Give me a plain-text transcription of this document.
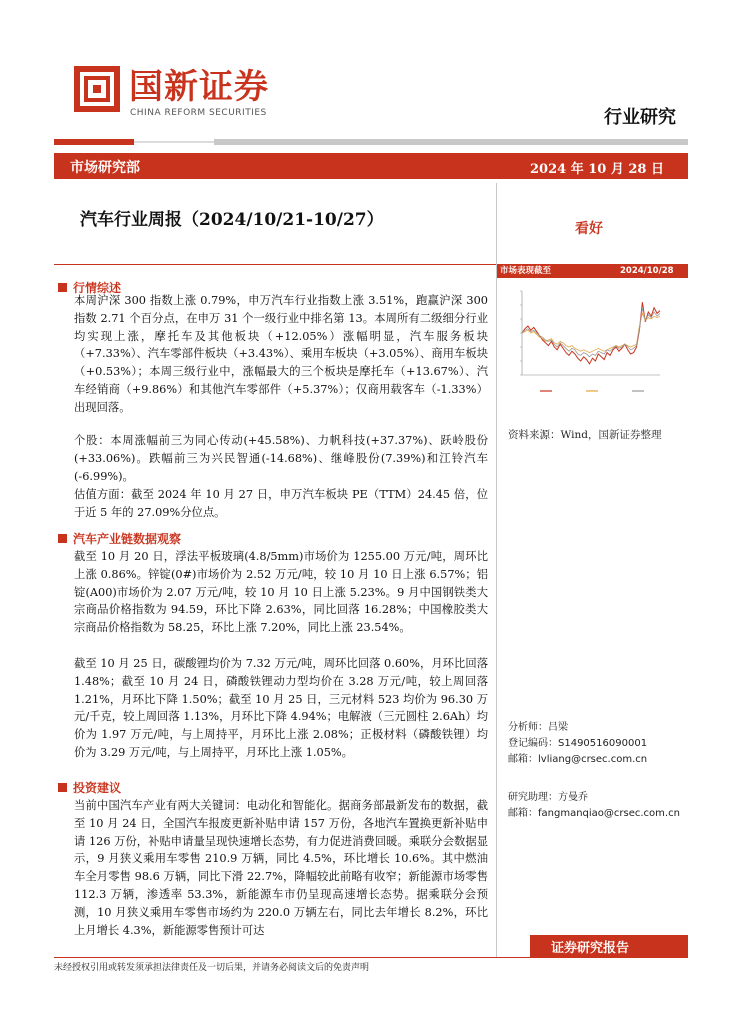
国新证券
CHINA REFORM SECURITIES	行业研究
市场研究部	2024 年 10 月 28 日
汽车行业周报（2024/10/21-10/27）	看好
行情综述
本周沪深 300 指数上涨 0.79%，申万汽车行业指数上涨 3.51%，跑赢沪深 300 指数 2.71 个百分点，在申万 31 个一级行业中排名第 13。本周所有二级细分行业均实现上涨，摩托车及其他板块（+12.05%）涨幅明显，汽车服务板块（+7.33%）、汽车零部件板块（+3.43%）、乘用车板块（+3.05%）、商用车板块（+0.53%）；本周三级行业中，涨幅最大的三个板块是摩托车（+13.67%）、汽车经销商（+9.86%）和其他汽车零部件（+5.37%）；仅商用载客车（-1.33%）出现回落。
个股：本周涨幅前三为同心传动(+45.58%)、力帆科技(+37.37%)、跃岭股份(+33.06%)。跌幅前三为兴民智通(-14.68%)、继峰股份(7.39%)和江铃汽车(-6.99%)。
估值方面：截至 2024 年 10 月 27 日，申万汽车板块 PE（TTM）24.45 倍，位于近 5 年的 27.09%分位点。
汽车产业链数据观察
截至 10 月 20 日，浮法平板玻璃(4.8/5mm)市场价为 1255.00 万元/吨，周环比上涨 0.86%。锌锭(0#)市场价为 2.52 万元/吨，较 10 月 10 日上涨 6.57%；铝锭(A00)市场价为 2.07 万元/吨，较 10 月 10 日上涨 5.23%。9 月中国钢铁类大宗商品价格指数为 94.59，环比下降 2.63%，同比回落 16.28%；中国橡胶类大宗商品价格指数为 58.25，环比上涨 7.20%，同比上涨 23.54%。
截至 10 月 25 日，碳酸锂均价为 7.32 万元/吨，周环比回落 0.60%，月环比回落 1.48%；截至 10 月 24 日，磷酸铁锂动力型均价在 3.28 万元/吨，较上周回落 1.21%，月环比下降 1.50%；截至 10 月 25 日，三元材料 523 均价为 96.30 万元/千克，较上周回落 1.13%，月环比下降 4.94%；电解液（三元圆柱 2.6Ah）均价为 1.97 万元/吨，与上周持平，月环比上涨 2.08%；正极材料（磷酸铁锂）均价为 3.29 万元/吨，与上周持平，月环比上涨 1.05%。
投资建议
当前中国汽车产业有两大关键词：电动化和智能化。据商务部最新发布的数据，截至 10 月 24 日，全国汽车报废更新补贴申请 157 万份，各地汽车置换更新补贴申请 126 万份，补贴申请量呈现快速增长态势，有力促进消费回暖。乘联分会数据显示，9 月狭义乘用车零售 210.9 万辆，同比 4.5%，环比增长 10.6%。其中燃油车全月零售 98.6 万辆，同比下滑 22.7%，降幅较此前略有收窄；新能源市场零售 112.3 万辆，渗透率 53.3%，新能源车市仍呈现高速增长态势。据乘联分会预测，10 月狭义乘用车零售市场约为 220.0 万辆左右，同比去年增长 8.2%，环比上月增长 4.3%，新能源零售预计可达
市场表现截至	2024/10/28
资料来源：Wind，国新证券整理
分析师：吕梁
登记编码：S1490516090001
邮箱：lvliang@crsec.com.cn
研究助理：方曼乔
邮箱：fangmanqiao@crsec.com.cn
证券研究报告
未经授权引用或转发须承担法律责任及一切后果，并请务必阅读文后的免责声明
